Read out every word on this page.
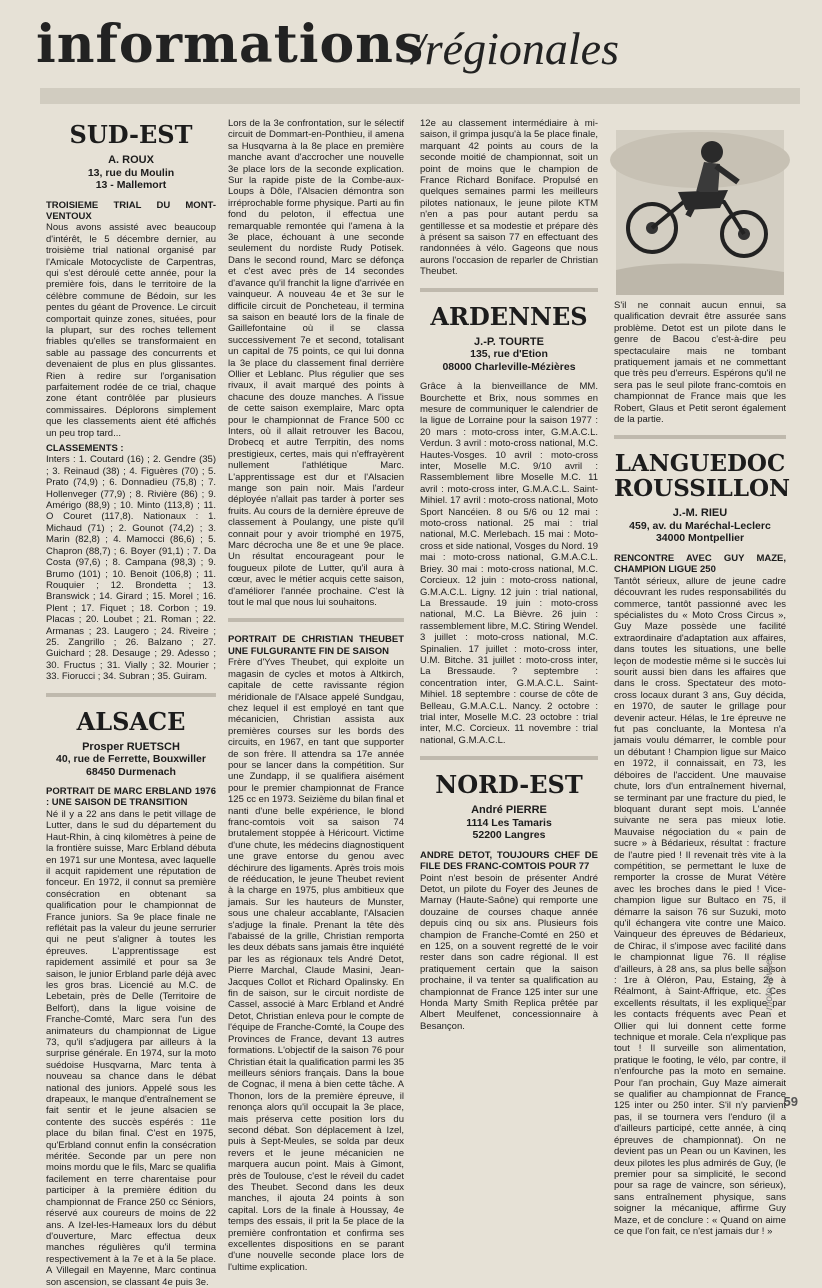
informations
/régionales
SUD-EST
A. ROUX
13, rue du Moulin
13 - Mallemort
TROISIEME TRIAL DU MONT-VENTOUX

Nous avons assisté avec beaucoup d'intérêt, le 5 décembre dernier, au troisième trial national organisé par l'Amicale Motocycliste de Carpentras, qui s'est déroulé cette année, pour la première fois, dans le territoire de la célèbre commune de Bédoin, sur les pentes du géant de Provence. Le circuit comportait quinze zones, situées, pour la plupart, sur des roches tellement friables qu'elles se transformaient en sable au passage des concurrents et devenaient de plus en plus glissantes. Rien à redire sur l'organisation parfaitement rodée de ce trial, chaque zone étant contrôlée par plusieurs commissaires. Déplorons simplement que les classements aient été affichés un peu trop tard...

CLASSEMENTS :

Inters : 1. Coutard (16) ; 2. Gendre (35) ; 3. Reinaud (38) ; 4. Figuères (70) ; 5. Prato (74,9) ; 6. Donnadieu (75,8) ; 7. Hollenveger (77,9) ; 8. Rivière (86) ; 9. Amérigo (88,9) ; 10. Minto (113,8) ; 11. O Couret (117,8). Nationaux : 1. Michaud (71) ; 2. Gounot (74,2) ; 3. Marin (82,8) ; 4. Mamocci (86,6) ; 5. Chapron (88,7) ; 6. Boyer (91,1) ; 7. Da Costa (97,6) ; 8. Campana (98,3) ; 9. Brumo (101) ; 10. Benoit (106,8) ; 11. Rouquier ; 12. Brondetta ; 13. Branswick ; 14. Girard ; 15. Morel ; 16. Plent ; 17. Fiquet ; 18. Corbon ; 19. Placas ; 20. Loubet ; 21. Roman ; 22. Armanas ; 23. Laugero ; 24. Riveire ; 25. Zangrillo ; 26. Balzano ; 27. Guichard ; 28. Desauge ; 29. Adesso ; 30. Fructus ; 31. Vially ; 32. Mourier ; 33. Fiorucci ; 34. Subran ; 35. Guiram.

ALSACE
Prosper RUETSCH
40, rue de Ferrette, Bouxwiller
68450 Durmenach
PORTRAIT DE MARC ERBLAND 1976 : UNE SAISON DE TRANSITION

Né il y a 22 ans dans le petit village de Lutter, dans le sud du département du Haut-Rhin, à cinq kilomètres à peine de la frontière suisse, Marc Erbland débuta en 1971 sur une Montesa, avec laquelle il acquit rapidement une réputation de fonceur. En 1972, il connut sa première consécration en obtenant sa qualification pour le championnat de France juniors. Sa 9e place finale ne reflétait pas la valeur du jeune serrurier qui ne peut s'aligner à toutes les épreuves. L'apprentissage est rapidement assimilé et pour sa 3e saison, le junior Erbland parle déjà avec les gros bras. Licencié au M.C. de Lebetain, près de Delle (Territoire de Belfort), dans la ligue voisine de Franche-Comté, Marc sera l'un des animateurs du championnat de Ligue 73, qu'il s'adjugera par ailleurs à la surprise générale. En 1974, sur la moto suédoise Husqvarna, Marc tenta à nouveau sa chance dans le débat national des juniors. Appelé sous les drapeaux, le manque d'entraînement se fait sentir et le jeune alsacien se contente des succès espérés : 11e place du bilan final. C'est en 1975, qu'Erbland connut enfin la consécration méritée. Seconde par un pere non moins mordu que le fils, Marc se qualifia facilement en terre charentaise pour participer à la première édition du championnat de France 250 cc Séniors, réservé aux coureurs de moins de 22 ans. A Izel-les-Hameaux lors du début d'ouverture, Marc effectua deux manches régulières qu'il termina respectivement à la 7e et à la 5e place. A Villegail en Mayenne, Marc continua son ascension, se classant 4e puis 3e.

Lors de la 3e confrontation, sur le sélectif circuit de Dommart-en-Ponthieu, il amena sa Husqvarna à la 8e place en première manche avant d'accrocher une nouvelle 3e place lors de la seconde explication. Sur la rapide piste de la Combe-aux-Loups à Dôle, l'Alsacien démontra son irréprochable forme physique. Parti au fin fond du peloton, il effectua une remarquable remontée qui l'amena à la 3e place, échouant à une seconde seulement du nordiste Rudy Potisek. Dans le second round, Marc se défonça et c'est avec près de 14 secondes d'avance qu'il franchit la ligne d'arrivée en vainqueur. A nouveau 4e et 3e sur le difficile circuit de Poncheteau, il termina sa saison en beauté lors de la finale de Gaillefontaine où il se classa successivement 7e et second, totalisant un capital de 75 points, ce qui lui donna la 3e place du classement final derrière Ollier et Leblanc. Plus régulier que ses rivaux, il avait marqué des points à chacune des douze manches. A l'issue de cette saison exemplaire, Marc opta pour le championnat de France 500 cc Inters, où il allait retrouver les Bacou, Drobecq et autre Terrpitin, des noms prestigieux, certes, mais qui n'effrayèrent nullement l'athlétique Marc. L'apprentissage est dur et l'Alsacien mange son pain noir. Mais l'ardeur déployée n'allait pas tarder à porter ses fruits. Au cours de la dernière épreuve de classement à Poulangy, une piste qu'il connait pour y avoir triomphé en 1975, Marc décrocha une 8e et une 9e place. Un résultat encourageant pour le fougueux pilote de Lutter, qu'il aura à cœur, avec le métier acquis cette saison, d'améliorer l'année prochaine. C'est là tout le mal que nous lui souhaitons.

PORTRAIT DE CHRISTIAN THEUBET UNE FULGURANTE FIN DE SAISON

Frère d'Yves Theubet, qui exploite un magasin de cycles et motos à Altkirch, capitale de cette ravissante région méridionale de l'Alsace appelé Sundgau, chez lequel il est employé en tant que mécanicien, Christian assista aux premières courses sur les bords des circuits, en 1967, en tant que supporter de son frère. Il attendra sa 17e année pour se lancer dans la compétition. Sur une Zundapp, il se qualifiera aisément pour le premier championnat de France 125 cc en 1973. Seizième du bilan final et nanti d'une belle expérience, le blond franc-comtois voit sa saison 74 brutalement stoppée à Héricourt. Victime d'une chute, les médecins diagnostiquent une grave entorse du genou avec déchirure des ligaments. Après trois mois de rééducation, le jeune Theubet revient à la charge en 1975, plus ambitieux que jamais. Sur les hauteurs de Munster, sous une chaleur accablante, l'Alsacien s'adjuge la finale. Prenant la tête dès l'abaissé de la grille, Christian remporta les deux débats sans jamais être inquiété par les as régionaux tels André Detot, Pierre Marchal, Claude Masini, Jean-Jacques Collot et Richard Opalinsky. En fin de saison, sur le circuit nordiste de Cassel, associé à Marc Erbland et André Detot, Christian enleva pour le compte de l'équipe de Franche-Comté, la Coupe des Provinces de France, devant 13 autres formations. L'objectif de la saison 76 pour Christian était la qualification parmi les 35 meilleurs séniors français. Dans la boue de Cognac, il mena à bien cette tâche. A Thonon, lors de la première épreuve, il renonça alors qu'il occupait la 3e place, mais préserva cette position lors du second débat. Son déplacement à Izel, puis à Sept-Meules, se solda par deux revers et le jeune mécanicien ne marquera aucun point. Mais à Gimont, près de Toulouse, c'est le réveil du cadet des Theubet. Second dans les deux manches, il ajouta 24 points à son capital. Lors de la finale à Houssay, 4e temps des essais, il prit la 5e place de la première confrontation et confirma ses excellentes dispositions en se parant d'une nouvelle seconde place lors de l'ultime explication.

12e au classement intermédiaire à mi-saison, il grimpa jusqu'à la 5e place finale, marquant 42 points au cours de la seconde moitié de championnat, soit un point de moins que le champion de France Richard Boniface. Propulsé en quelques semaines parmi les meilleurs pilotes nationaux, le jeune pilote KTM n'en a pas pour autant perdu sa gentillesse et sa modestie et prépare dès à présent sa saison 77 en effectuant des randonnées à vélo. Gageons que nous aurons l'occasion de reparler de Christian Theubet.

ARDENNES
J.-P. TOURTE
135, rue d'Etion
08000 Charleville-Mézières

Grâce à la bienveillance de MM. Bourchette et Brix, nous sommes en mesure de communiquer le calendrier de la ligue de Lorraine pour la saison 1977 : 20 mars : moto-cross inter, G.M.A.C.L. Verdun. 3 avril : moto-cross national, M.C. Hautes-Vosges. 10 avril : moto-cross inter, Moselle M.C. 9/10 avril : Rassemblement libre Moselle M.C. 11 avril : moto-cross inter, G.M.A.C.L. Saint-Mihiel. 17 avril : moto-cross national, Moto Sport Nancéien. 8 ou 5/6 ou 12 mai : moto-cross national. 25 mai : trial national, M.C. Merlebach. 15 mai : Moto-cross et side national, Vosges du Nord. 19 mai : moto-cross national, G.M.A.C.L. Briey. 30 mai : moto-cross national, M.C. Corcieux. 12 juin : moto-cross national, G.M.A.C.L. Ligny. 12 juin : trial national, La Bressaude. 19 juin : moto-cross national, M.C. La Bièvre. 26 juin : rassemblement libre, M.C. Stiring Wendel. 3 juillet : moto-cross national, M.C. Spinalien. 17 juillet : moto-cross inter, U.M. Bitche. 31 juillet : moto-cross inter, La Bressaude. ? septembre : concentration inter, G.M.A.C.L. Saint-Mihiel. 18 septembre : course de côte de Belleau, G.M.A.C.L. Nancy. 2 octobre : trial inter, Moselle M.C. 23 octobre : trial inter, M.C. Corcieux. 11 novembre : trial national, G.M.A.C.L.

NORD-EST
André PIERRE
1114 Les Tamaris
52200 Langres
ANDRE DETOT, TOUJOURS CHEF DE FILE DES FRANC-COMTOIS POUR 77

Point n'est besoin de présenter André Detot, un pilote du Foyer des Jeunes de Marnay (Haute-Saône) qui remporte une douzaine de courses chaque année depuis cinq ou six ans. Plusieurs fois champion de Franche-Comté en 250 et en 125, on a souvent regretté de le voir rester dans son cadre régional. Il est pratiquement certain que la saison prochaine, il va tenter sa qualification au championnat de France 125 inter sur une Honda Marty Smith Replica prêtée par Albert Meulfenet, concessionnaire à Besançon.

S'il ne connait aucun ennui, sa qualification devrait être assurée sans problème. Detot est un pilote dans le genre de Bacou c'est-à-dire peu spectaculaire mais ne tombant pratiquement jamais et ne commettant que très peu d'erreurs. Espérons qu'il ne sera pas le seul pilote franc-comtois en championnat de France mais que les Robert, Glaus et Petit seront également de la partie.

LANGUEDOC ROUSSILLON
J.-M. RIEU
459, av. du Maréchal-Leclerc
34000 Montpellier
RENCONTRE AVEC GUY MAZE, CHAMPION LIGUE 250

Tantôt sérieux, allure de jeune cadre découvrant les rudes responsabilités du commerce, tantôt passionné avec les spécialistes du « Moto Cross Circus », Guy Maze possède une facilité extraordinaire d'adaptation aux affaires, dans toutes les situations, une belle leçon de modestie même si le succès lui sourit aussi bien dans les affaires que dans le cross. Spectateur des moto-cross locaux durant 3 ans, Guy décida, en 1970, de sauter le grillage pour devenir acteur. Hélas, le 1re épreuve ne fut pas concluante, la Montesa n'a jamais voulu démarrer, le comble pour un débutant ! Champion ligue sur Maico en 1972, il connaissait, en 73, les déboires de l'accident. Une mauvaise chute, lors d'un entraînement hivernal, se terminant par une fracture du pied, le bloquant durant sept mois. L'année suivante ne sera pas mieux lotie. Mauvaise négociation du « pain de sucre » à Bédarieux, résultat : fracture de l'autre pied ! Il revenait très vite à la compétition, se permettant le luxe de remporter la crosse de Murat Vétère avec les broches dans le pied ! Vice-champion ligue sur Bultaco en 75, il démarre la saison 76 sur Suzuki, moto qu'il échangera vite contre une Maico. Vainqueur des épreuves de Bédarieux, de Chirac, il s'impose avec facilité dans le championnat ligue 76. Il réalise d'ailleurs, à 28 ans, sa plus belle saison : 1re à Oléron, Pau, Estaing, 2e à Réalmont, à Saint-Affrique, etc. Ces excellents résultats, il les explique par les contacts fréquents avec Pean et Ollier qui lui donnent cette forme technique et morale. Cela n'explique pas tout ! Il surveille son alimentation, pratique le footing, le vélo, par contre, il n'enfourche pas la moto en semaine. Pour l'an prochain, Guy Maze aimerait se qualifier au championnat de France 125 inter ou 250 inter. S'il n'y parvient pas, il se tournera vers l'enduro (il a d'ailleurs participé, cette année, à cinq épreuves de championnat). On ne devient pas un Pean ou un Kavinen, les deux pilotes les plus admirés de Guy, (le premier pour sa simplicité, le second pour sa rage de vaincre, son sérieux), sans entraînement physique, sans soigner la mécanique, affirme Guy Maze, et de conclure : « Quand on aime ce que l'on fait, ce n'est jamais dur ! »

moto-revue
59
